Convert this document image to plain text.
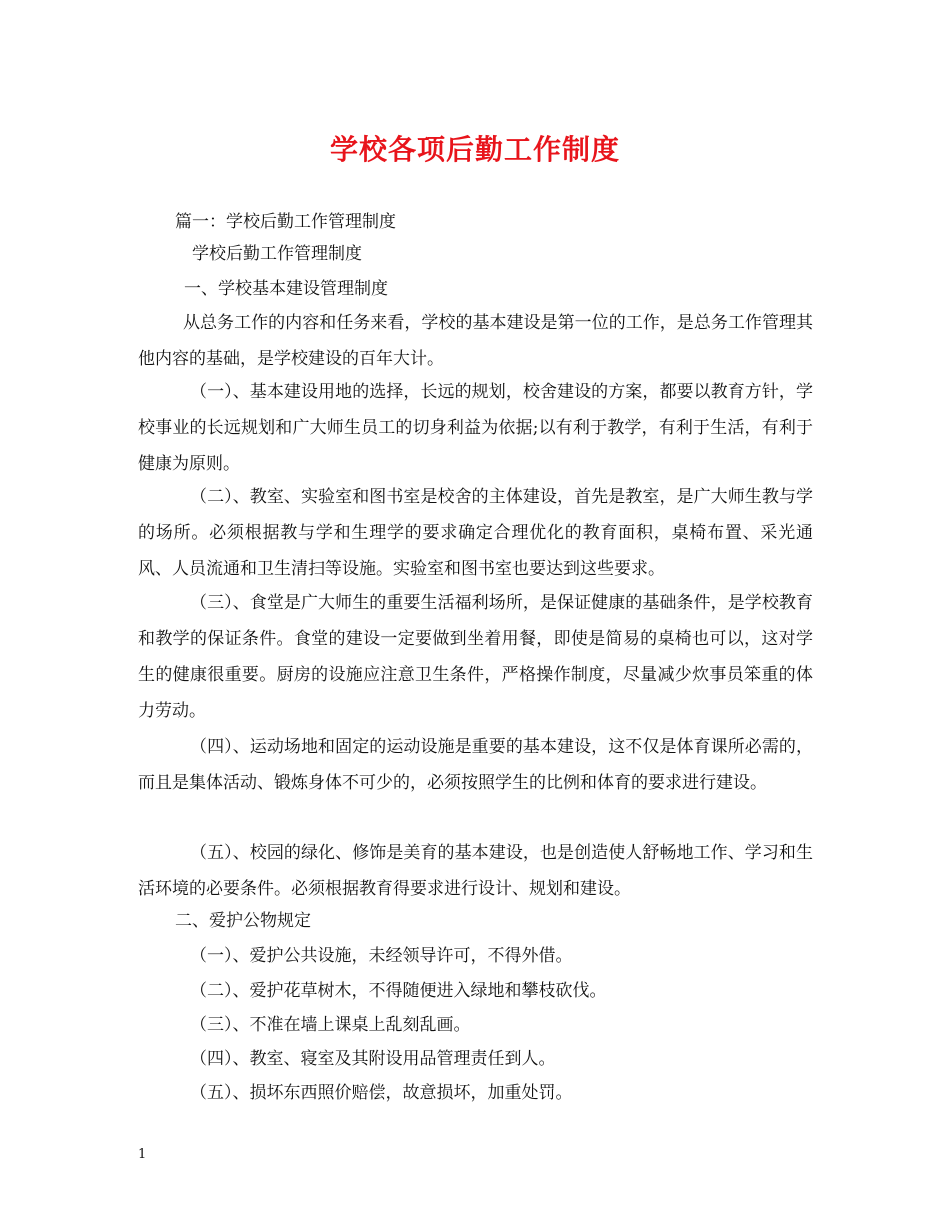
学校各项后勤工作制度
篇一：学校后勤工作管理制度
学校后勤工作管理制度
一、学校基本建设管理制度
从总务工作的内容和任务来看，学校的基本建设是第一位的工作，是总务工作管理其他内容的基础，是学校建设的百年大计。
（一）、基本建设用地的选择，长远的规划，校舍建设的方案，都要以教育方针，学校事业的长远规划和广大师生员工的切身利益为依据;以有利于教学，有利于生活，有利于健康为原则。
（二）、教室、实验室和图书室是校舍的主体建设，首先是教室，是广大师生教与学的场所。必须根据教与学和生理学的要求确定合理优化的教育面积，桌椅布置、采光通风、人员流通和卫生清扫等设施。实验室和图书室也要达到这些要求。
（三）、食堂是广大师生的重要生活福利场所，是保证健康的基础条件，是学校教育和教学的保证条件。食堂的建设一定要做到坐着用餐，即使是简易的桌椅也可以，这对学生的健康很重要。厨房的设施应注意卫生条件，严格操作制度，尽量减少炊事员笨重的体力劳动。
（四）、运动场地和固定的运动设施是重要的基本建设，这不仅是体育课所必需的，而且是集体活动、锻炼身体不可少的，必须按照学生的比例和体育的要求进行建设。
（五）、校园的绿化、修饰是美育的基本建设，也是创造使人舒畅地工作、学习和生活环境的必要条件。必须根据教育得要求进行设计、规划和建设。
二、爱护公物规定
（一）、爱护公共设施，未经领导许可，不得外借。
（二）、爱护花草树木，不得随便进入绿地和攀枝砍伐。
（三）、不准在墙上课桌上乱刻乱画。
（四）、教室、寝室及其附设用品管理责任到人。
（五）、损坏东西照价赔偿，故意损坏，加重处罚。
1
